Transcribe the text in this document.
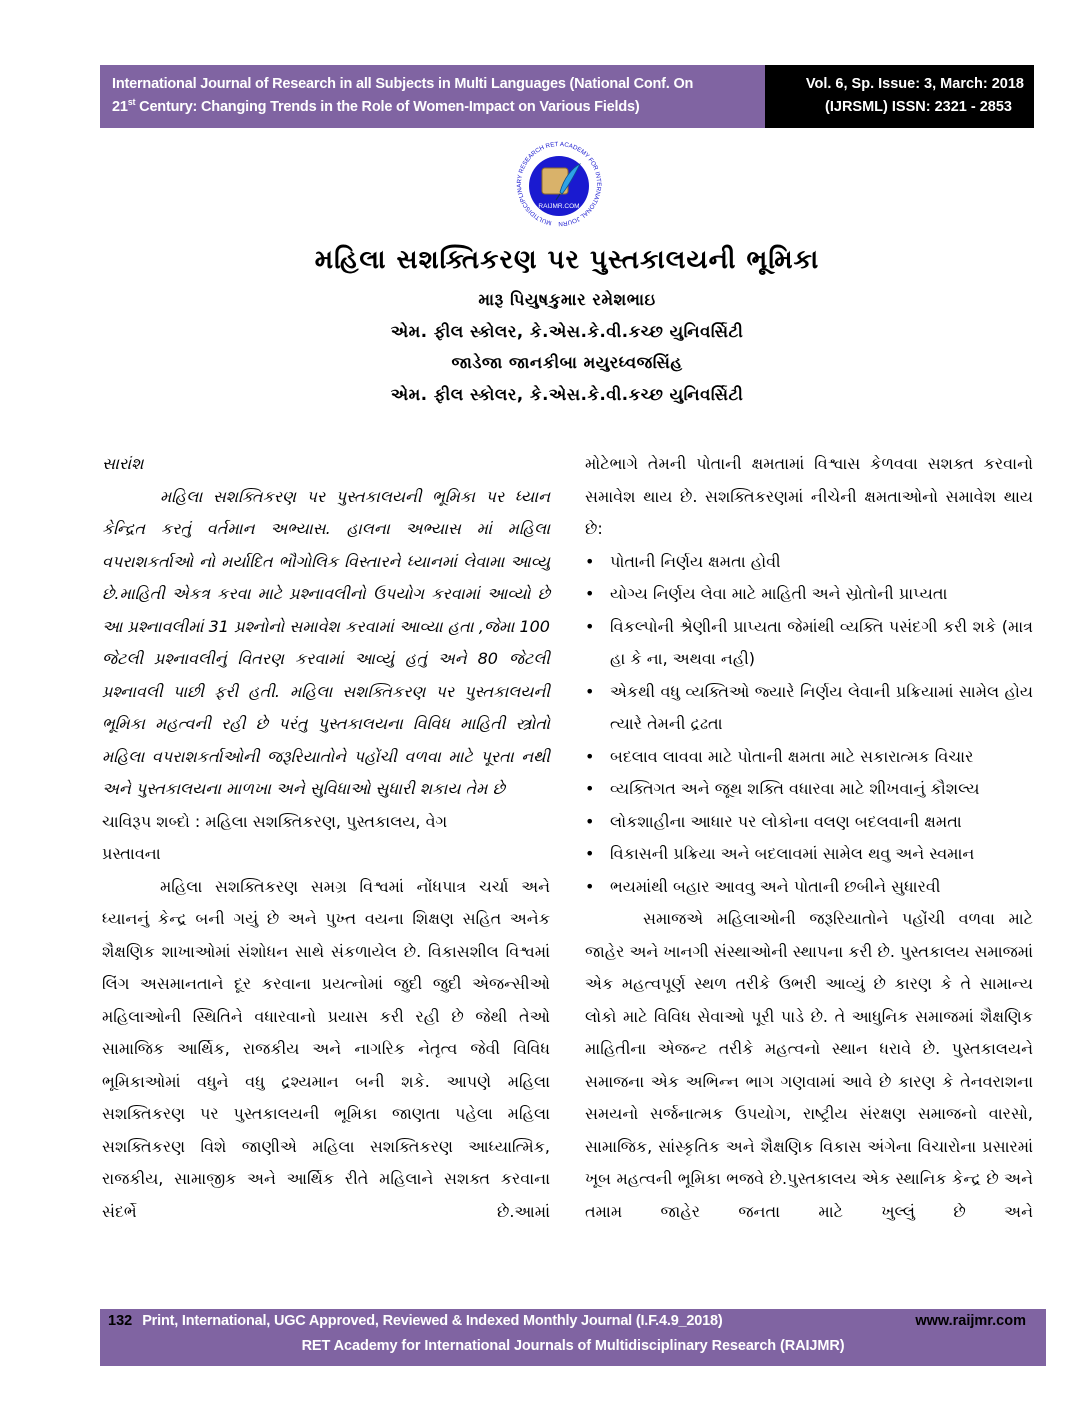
International Journal of Research in all Subjects in Multi Languages (National Conf. On
21st Century: Changing Trends in the Role of Women-Impact on Various Fields)
Vol. 6, Sp. Issue: 3, March: 2018
(IJRSML) ISSN: 2321 - 2853
MULTIDISCIPLINARY RESEARCH RET ACADEMY FOR INTERNATIONAL JOURN
RAIJMR.COM
મહિલા સશક્તિકરણ પર પુસ્તકાલયની ભૂમિકા
મારૂ પિયુષકુમાર રમેશભાઇ
એમ. ફીલ સ્કોલર, કે.એસ.કે.વી.કચ્છ યુનિવર્સિટી
જાડેજા જાનકીબા મયુરધ્વજસિંહ
એમ. ફીલ સ્કોલર, કે.એસ.કે.વી.કચ્છ યુનિવર્સિટી

સારાંશ

મહિલા સશક્તિકરણ પર પુસ્તકાલયની ભૂમિકા પર ધ્યાન કેન્દ્રિત કરતું વર્તમાન અભ્યાસ. હાલના અભ્યાસ માં મહિલા વપરાશકર્તાઓ નો મર્યાદિત ભૌગોલિક વિસ્તારને ધ્યાનમાં લેવામા આવ્યુ છે.માહિતી એકત્ર કરવા માટે પ્રશ્નાવલીનો ઉપયોગ કરવામાં આવ્યો છે આ પ્રશ્નાવલીમાં 31 પ્રશ્નોનો સમાવેશ કરવામાં આવ્યા હતા ,જેમા 100 જેટલી પ્રશ્નાવલીનું વિતરણ કરવામાં આવ્યું હતું અને 80 જેટલી પ્રશ્નાવલી પાછી ફરી હતી. મહિલા સશક્તિકરણ પર પુસ્તકાલયની ભૂમિકા મહત્વની રહી છે પરંતુ પુસ્તકાલયના વિવિધ માહિતી સ્ત્રોતો મહિલા વપરાશકર્તાઓની જરૂરિયાતોને પહોંચી વળવા માટે પૂરતા નથી અને પુસ્તકાલયના માળખા અને સુવિધાઓ સુધારી શકાય તેમ છે

ચાવિરૂપ શબ્દો : મહિલા સશક્તિકરણ, પુસ્તકાલય, વેગ

પ્રસ્તાવના

મહિલા સશક્તિકરણ સમગ્ર વિશ્વમાં નોંધપાત્ર ચર્ચા અને ધ્યાનનું કેન્દ્ર બની ગયું છે અને પુખ્ત વયના શિક્ષણ સહિત અનેક શૈક્ષણિક શાખાઓમાં સંશોધન સાથે સંકળાયેલ છે. વિકાસશીલ વિશ્વમાં લિંગ અસમાનતાને દૂર કરવાના પ્રયત્નોમાં જુદી જુદી એજન્સીઓ મહિલાઓની સ્થિતિને વધારવાનો પ્રયાસ કરી રહી છે જેથી તેઓ સામાજિક આર્થિક, રાજકીય અને નાગરિક નેતૃત્વ જેવી વિવિધ ભૂમિકાઓમાં વધુને વધુ દ્રશ્યમાન બની શકે. આપણે મહિલા સશક્તિકરણ પર પુસ્તકાલયની ભૂમિકા જાણતા પહેલા મહિલા સશક્તિકરણ વિશે જાણીએ મહિલા સશક્તિકરણ આધ્યાત્મિક, રાજકીય, સામાજીક અને આર્થિક રીતે મહિલાને સશક્ત કરવાના સંદર્ભે છે.આમાં

મોટેભાગે તેમની પોતાની ક્ષમતામાં વિશ્વાસ કેળવવા સશક્ત કરવાનો સમાવેશ થાય છે. સશક્તિકરણમાં નીચેની ક્ષમતાઓનો સમાવેશ થાય છે:

• પોતાની નિર્ણય ક્ષમતા હોવી
• યોગ્ય નિર્ણય લેવા માટે માહિતી અને સ્રોતોની પ્રાપ્યતા
• વિકલ્પોની શ્રેણીની પ્રાપ્યતા જેમાંથી વ્યક્તિ પસંદગી કરી શકે (માત્ર હા કે ના, અથવા નહી)
• એકથી વધુ વ્યક્તિઓ જ્યારે નિર્ણય લેવાની પ્રક્રિયામાં સામેલ હોય ત્યારે તેમની દ્રઢતા
• બદલાવ લાવવા માટે પોતાની ક્ષમતા માટે સકારાત્મક વિચાર
• વ્યક્તિગત અને જૂથ શક્તિ વધારવા માટે શીખવાનું કૌશલ્ય
• લોકશાહીના આધાર પર લોકોના વલણ બદલવાની ક્ષમતા
• વિકાસની પ્રક્રિયા અને બદલાવમાં સામેલ થવુ અને સ્વમાન
• ભયમાંથી બહાર આવવુ અને પોતાની છબીને સુધારવી

સમાજએ મહિલાઓની જરૂરિયાતોને પહોંચી વળવા માટે જાહેર અને ખાનગી સંસ્થાઓની સ્થાપના કરી છે. પુસ્તકાલય સમાજમાં એક મહત્વપૂર્ણ સ્થળ તરીકે ઉભરી આવ્યું છે કારણ કે તે સામાન્ય લોકો માટે વિવિધ સેવાઓ પૂરી પાડે છે. તે આધુનિક સમાજમાં શૈક્ષણિક માહિતીના એજન્ટ તરીકે મહત્વનો સ્થાન ધરાવે છે. પુસ્તકાલયને સમાજના એક અભિન્ન ભાગ ગણવામાં આવે છે કારણ કે તેનવરાશના સમયનો સર્જનાત્મક ઉપયોગ, રાષ્ટ્રીય સંરક્ષણ સમાજનો વારસો, સામાજિક, સાંસ્કૃતિક અને શૈક્ષણિક વિકાસ અંગેના વિચારોના પ્રસારમાં ખૂબ મહત્વની ભૂમિકા ભજવે છે.પુસ્તકાલય એક સ્થાનિક કેન્દ્ર છે અને તમામ જાહેર જનતા માટે ખુલ્લું છે અને

132 Print, International, UGC Approved, Reviewed & Indexed Monthly Journal (I.F.4.9_2018)	www.raijmr.com
RET Academy for International Journals of Multidisciplinary Research (RAIJMR)
